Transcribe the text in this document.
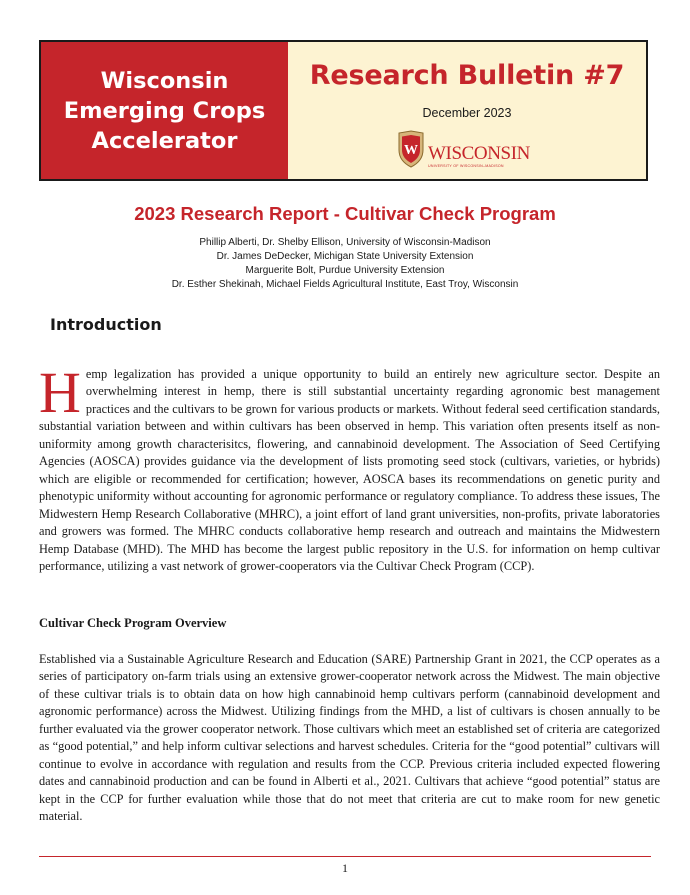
Wisconsin
Emerging Crops
Accelerator
Research Bulletin #7
December 2023
W WISCONSIN
UNIVERSITY OF WISCONSIN–MADISON
2023 Research Report - Cultivar Check Program
Phillip Alberti, Dr. Shelby Ellison, University of Wisconsin-Madison
Dr. James DeDecker, Michigan State University Extension
Marguerite Bolt, Purdue University Extension
Dr. Esther Shekinah, Michael Fields Agricultural Institute, East Troy, Wisconsin
Introduction

Hemp legalization has provided a unique opportunity to build an entirely new agriculture sector. Despite an overwhelming interest in hemp, there is still substantial uncertainty regarding agronomic best management practices and the cultivars to be grown for various products or markets. Without federal seed certification standards, substantial variation between and within cultivars has been observed in hemp. This variation often presents itself as non-uniformity among growth characterisitcs, flowering, and cannabinoid development. The Association of Seed Certifying Agencies (AOSCA) provides guidance via the development of lists promoting seed stock (cultivars, varieties, or hybrids) which are eligible or recommended for certification; however, AOSCA bases its recommendations on genetic purity and phenotypic uniformity without accounting for agronomic performance or regulatory compliance. To address these issues, The Midwestern Hemp Research Collaborative (MHRC), a joint effort of land grant universities, non-profits, private laboratories and growers was formed. The MHRC conducts collaborative hemp research and outreach and maintains the Midwestern Hemp Database (MHD). The MHD has become the largest public repository in the U.S. for information on hemp cultivar performance, utilizing a vast network of grower-cooperators via the Cultivar Check Program (CCP).

Cultivar Check Program Overview

Established via a Sustainable Agriculture Research and Education (SARE) Partnership Grant in 2021, the CCP operates as a series of participatory on-farm trials using an extensive grower-cooperator network across the Midwest. The main objective of these cultivar trials is to obtain data on how high cannabinoid hemp cultivars perform (cannabinoid development and agronomic performance) across the Midwest. Utilizing findings from the MHD, a list of cultivars is chosen annually to be further evaluated via the grower cooperator network. Those cultivars which meet an established set of criteria are categorized as “good potential,” and help inform cultivar selections and harvest schedules. Criteria for the “good potential” cultivars will continue to evolve in accordance with regulation and results from the CCP. Previous criteria included expected flowering dates and cannabinoid production and can be found in Alberti et al., 2021. Cultivars that achieve “good potential” status are kept in the CCP for further evaluation while those that do not meet that criteria are cut to make room for new genetic material.

1
